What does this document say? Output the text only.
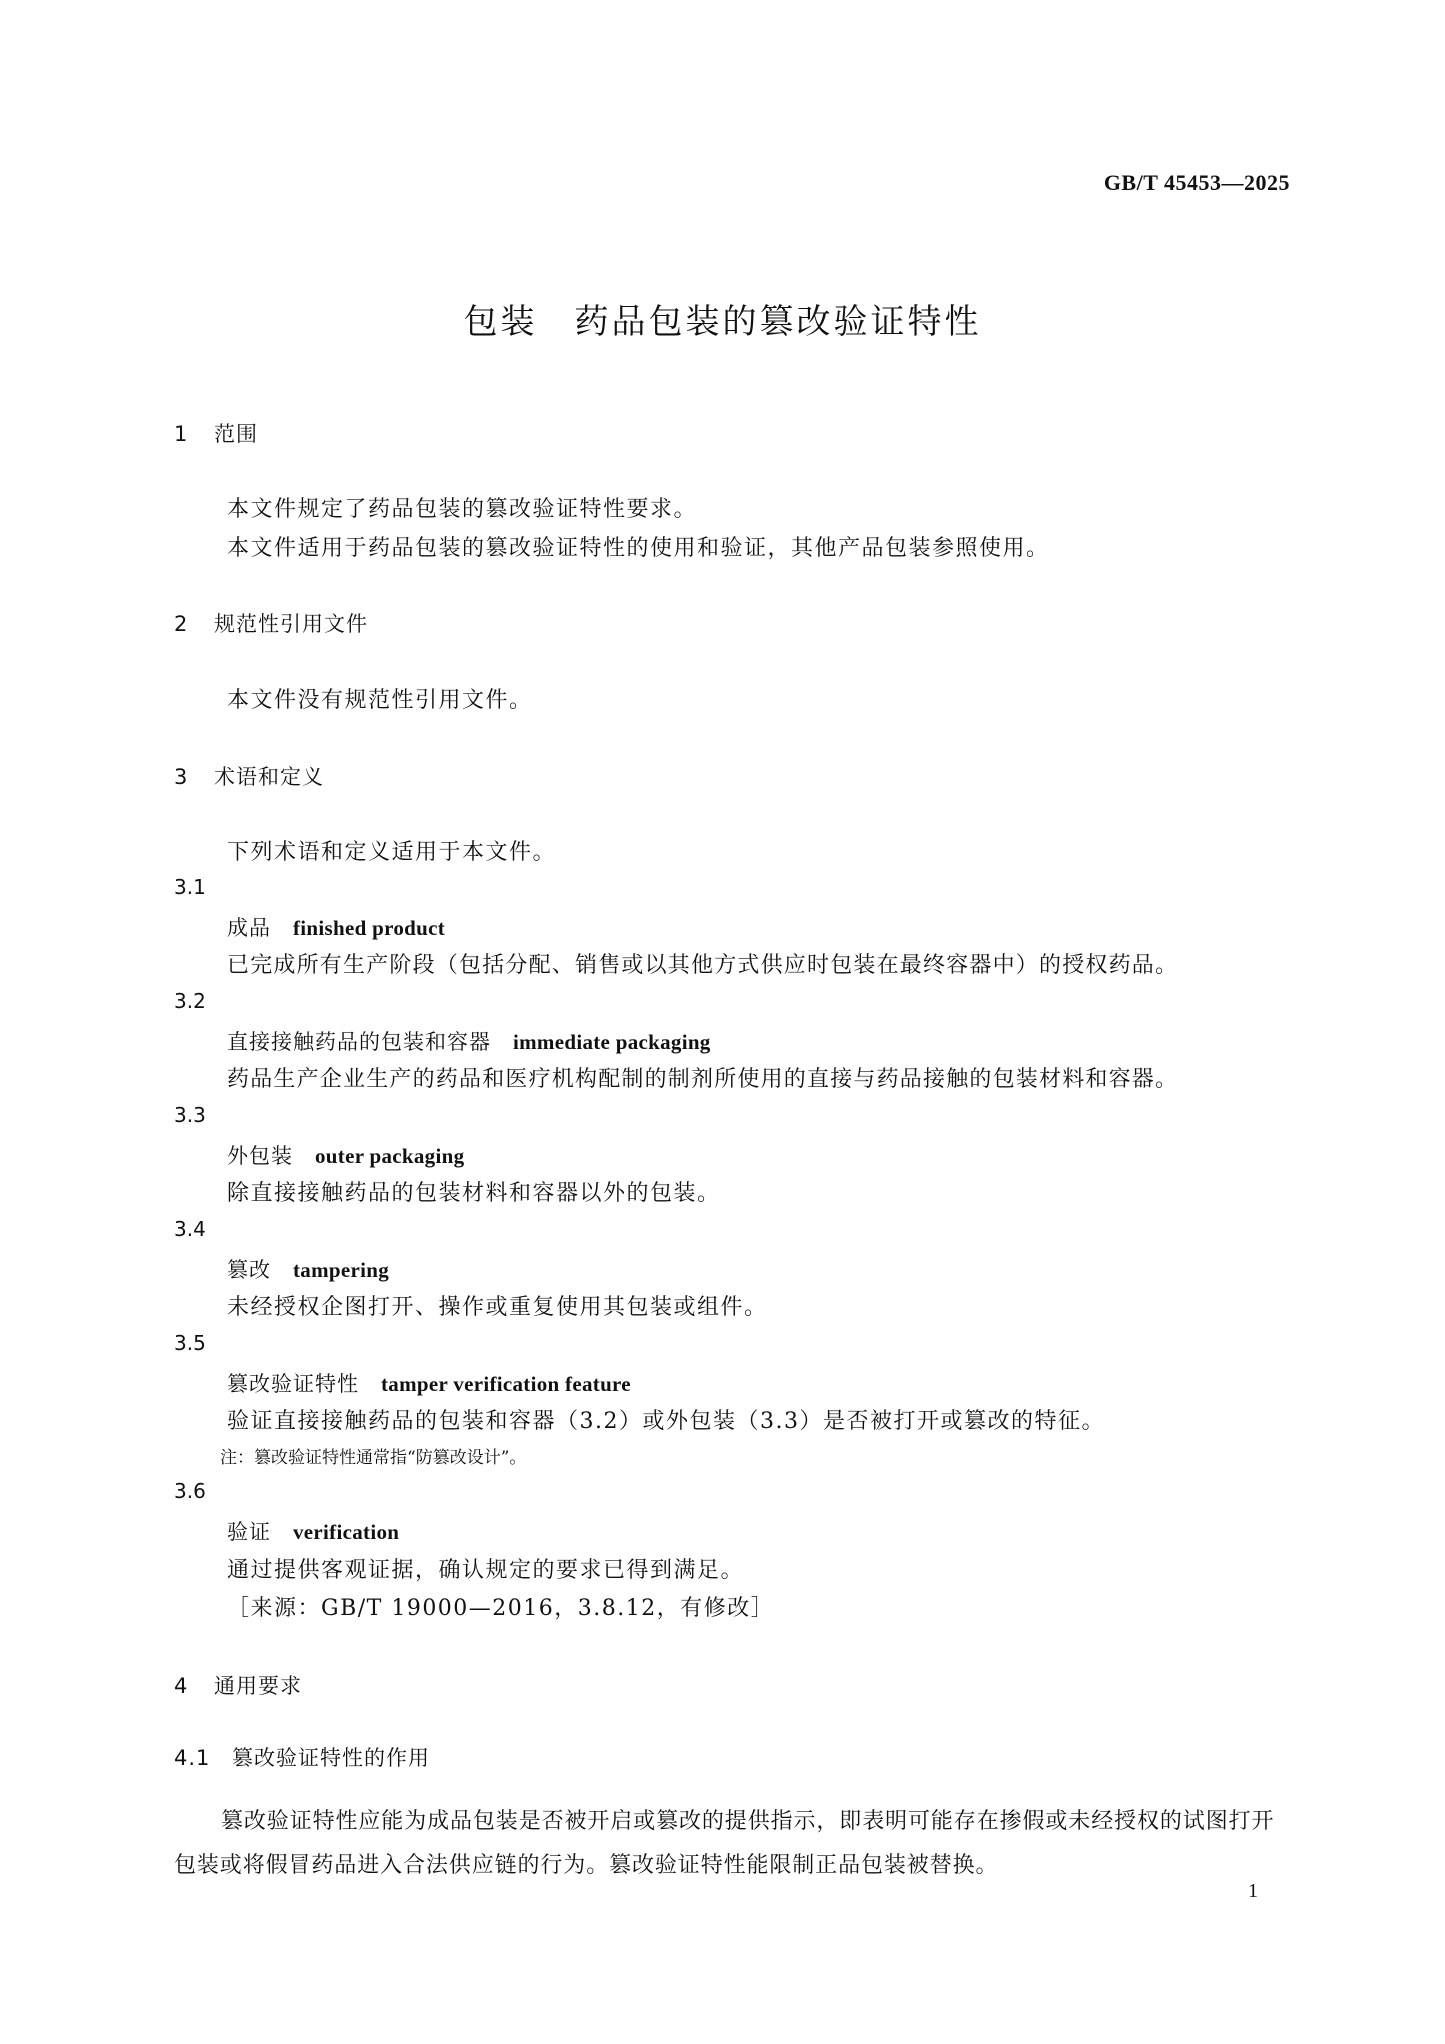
GB/T 45453—2025
包装　药品包装的篡改验证特性
1 范围
本文件规定了药品包装的篡改验证特性要求。
本文件适用于药品包装的篡改验证特性的使用和验证，其他产品包装参照使用。
2 规范性引用文件
本文件没有规范性引用文件。
3 术语和定义
下列术语和定义适用于本文件。
3.1
成品 finished product
已完成所有生产阶段（包括分配、销售或以其他方式供应时包装在最终容器中）的授权药品。
3.2
直接接触药品的包装和容器 immediate packaging
药品生产企业生产的药品和医疗机构配制的制剂所使用的直接与药品接触的包装材料和容器。
3.3
外包装 outer packaging
除直接接触药品的包装材料和容器以外的包装。
3.4
篡改 tampering
未经授权企图打开、操作或重复使用其包装或组件。
3.5
篡改验证特性 tamper verification feature
验证直接接触药品的包装和容器（3.2）或外包装（3.3）是否被打开或篡改的特征。
注：篡改验证特性通常指“防篡改设计”。
3.6
验证 verification
通过提供客观证据，确认规定的要求已得到满足。
［来源：GB/T 19000—2016，3.8.12，有修改］
4 通用要求
4.1 篡改验证特性的作用
篡改验证特性应能为成品包装是否被开启或篡改的提供指示，即表明可能存在掺假或未经授权的试图打开包装或将假冒药品进入合法供应链的行为。篡改验证特性能限制正品包装被替换。
1
